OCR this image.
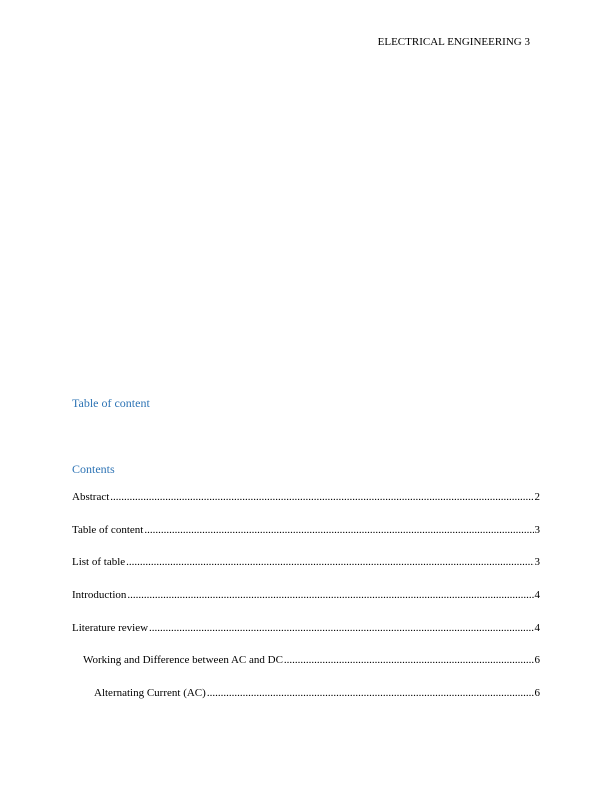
ELECTRICAL ENGINEERING 3
Table of content
Contents
Abstract .....	2
Table of content .....	3
List of table .....	3
Introduction .....	4
Literature review .....	4
Working and Difference between AC and DC .....	6
Alternating Current (AC) .....	6
